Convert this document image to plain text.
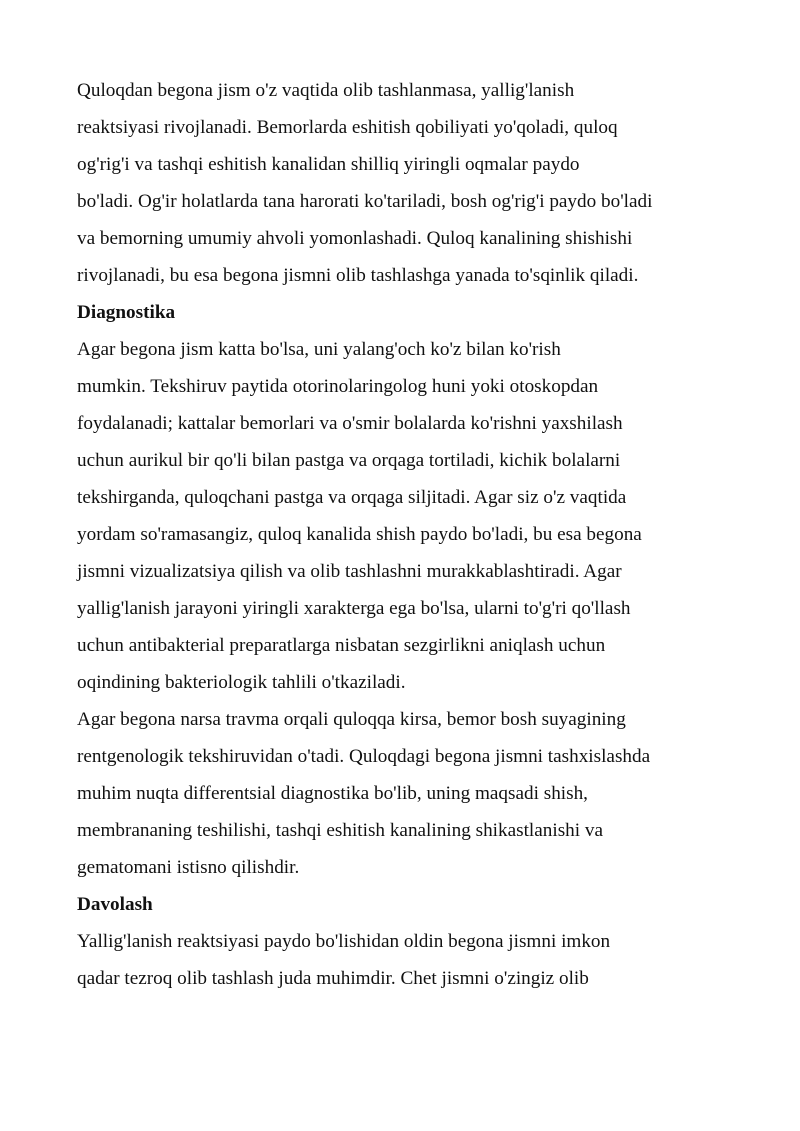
Quloqdan begona jism o'z vaqtida olib tashlanmasa, yallig'lanish
reaktsiyasi rivojlanadi. Bemorlarda eshitish qobiliyati yo'qoladi, quloq
og'rig'i va tashqi eshitish kanalidan shilliq yiringli oqmalar paydo
bo'ladi. Og'ir holatlarda tana harorati ko'tariladi, bosh og'rig'i paydo bo'ladi
va bemorning umumiy ahvoli yomonlashadi. Quloq kanalining shishishi
rivojlanadi, bu esa begona jismni olib tashlashga yanada to'sqinlik qiladi.
Diagnostika
Agar begona jism katta bo'lsa, uni yalang'och ko'z bilan ko'rish
mumkin. Tekshiruv paytida otorinolaringolog huni yoki otoskopdan
foydalanadi; kattalar bemorlari va o'smir bolalarda ko'rishni yaxshilash
uchun aurikul bir qo'li bilan pastga va orqaga tortiladi, kichik bolalarni
tekshirganda, quloqchani pastga va orqaga siljitadi. Agar siz o'z vaqtida
yordam so'ramasangiz, quloq kanalida shish paydo bo'ladi, bu esa begona
jismni vizualizatsiya qilish va olib tashlashni murakkablashtiradi. Agar
yallig'lanish jarayoni yiringli xarakterga ega bo'lsa, ularni to'g'ri qo'llash
uchun antibakterial preparatlarga nisbatan sezgirlikni aniqlash uchun
oqindining bakteriologik tahlili o'tkaziladi.
Agar begona narsa travma orqali quloqqa kirsa, bemor bosh suyagining
rentgenologik tekshiruvidan o'tadi. Quloqdagi begona jismni tashxislashda
muhim nuqta differentsial diagnostika bo'lib, uning maqsadi shish,
membrananing teshilishi, tashqi eshitish kanalining shikastlanishi va
gematomani istisno qilishdir.
Davolash
Yallig'lanish reaktsiyasi paydo bo'lishidan oldin begona jismni imkon
qadar tezroq olib tashlash juda muhimdir. Chet jismni o'zingiz olib
